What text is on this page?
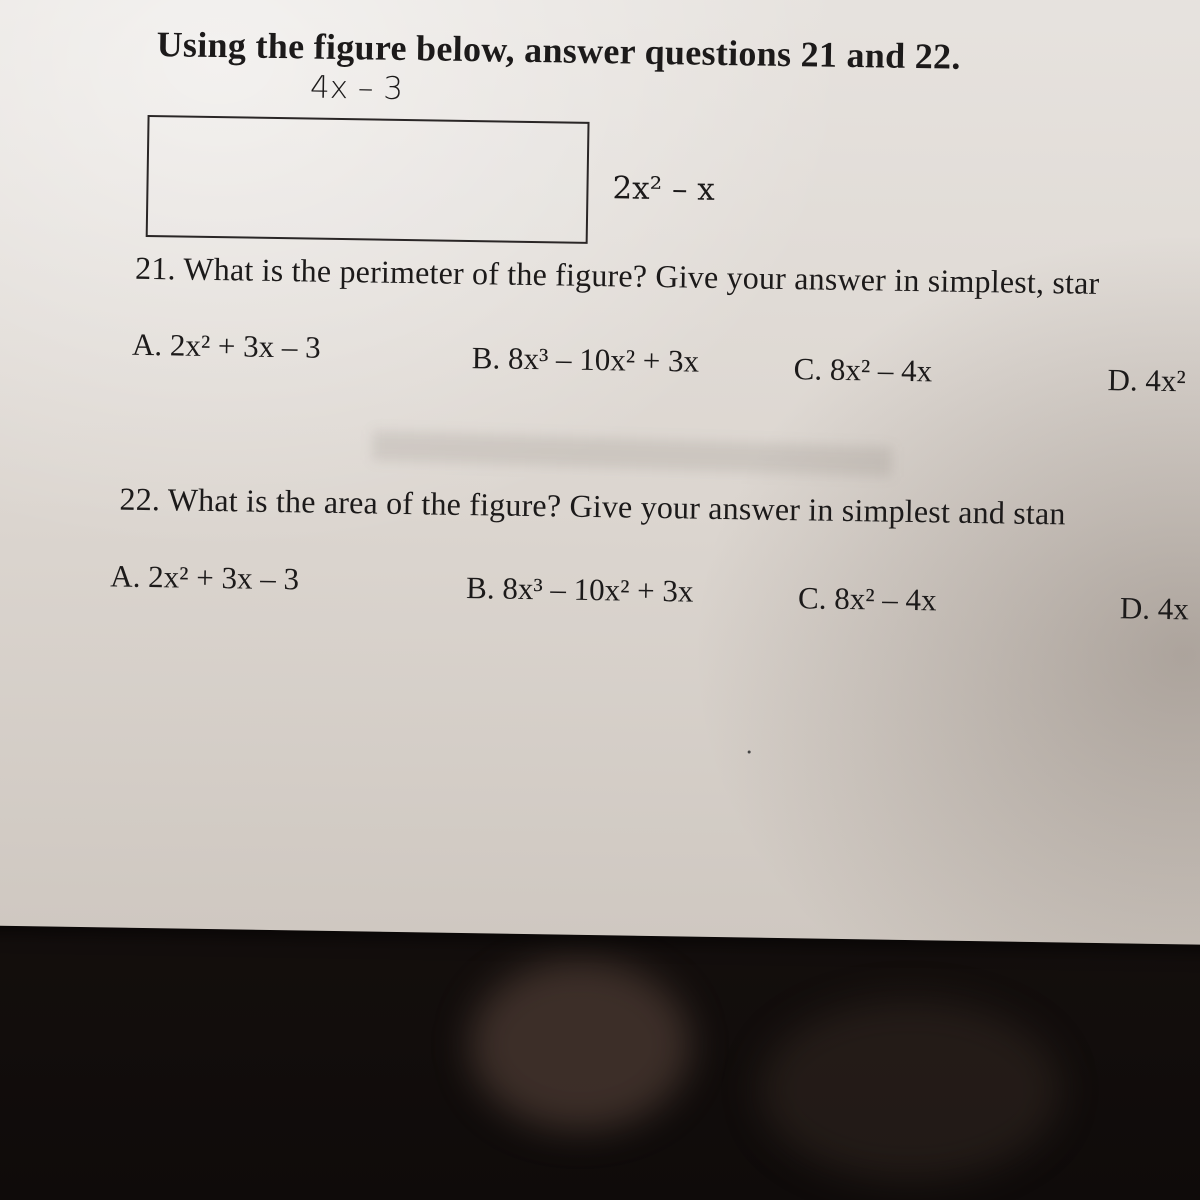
Using the figure below, answer questions 21 and 22.
4x – 3
2x² – x
21. What is the perimeter of the figure? Give your answer in simplest, star
A. 2x² + 3x – 3	B. 8x³ – 10x² + 3x	C. 8x² – 4x	D. 4x²
22. What is the area of the figure? Give your answer in simplest and stan
A. 2x² + 3x – 3	B. 8x³ – 10x² + 3x	C. 8x² – 4x	D. 4x
